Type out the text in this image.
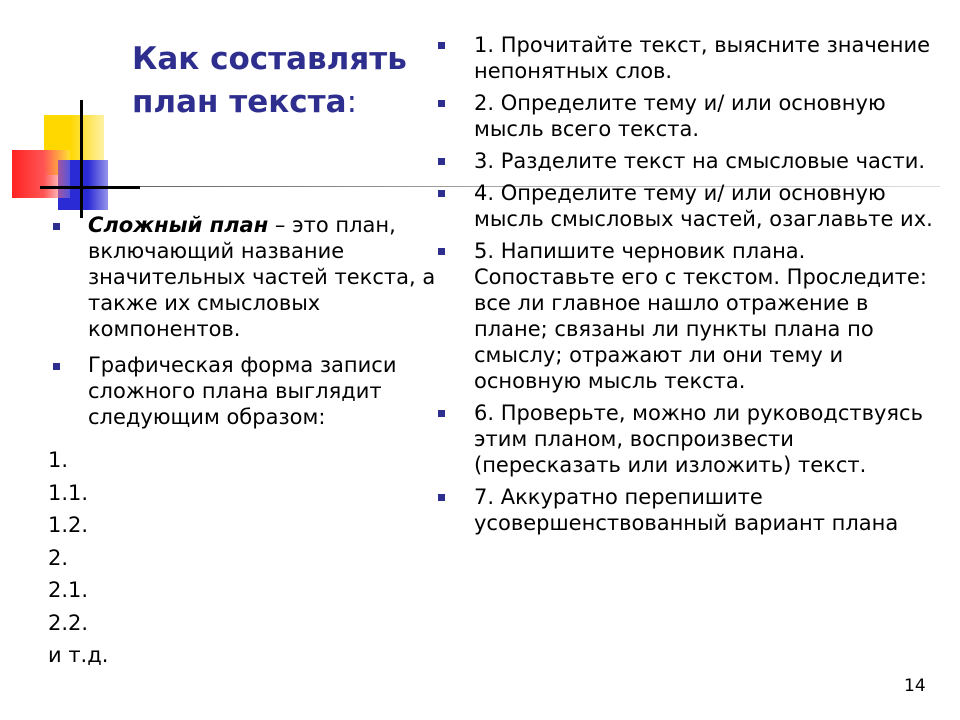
Как составлять план текста:
Сложный план – это план, включающий название значительных частей текста, а также их смысловых компонентов.
Графическая форма записи сложного плана выглядит следующим образом:
1.
1.1.
1.2.
2.
2.1.
2.2.
и т.д.
1. Прочитайте текст, выясните значение непонятных слов.
2. Определите тему и/ или основную мысль всего текста.
3. Разделите текст на смысловые части.
4. Определите тему и/ или основную мысль смысловых частей, озаглавьте их.
5. Напишите черновик плана. Сопоставьте его с текстом. Проследите: все ли главное нашло отражение в плане; связаны ли пункты плана по смыслу; отражают ли они тему и основную мысль текста.
6. Проверьте, можно ли руководствуясь этим планом, воспроизвести (пересказать или изложить) текст.
7. Аккуратно перепишите усовершенствованный вариант плана
14
